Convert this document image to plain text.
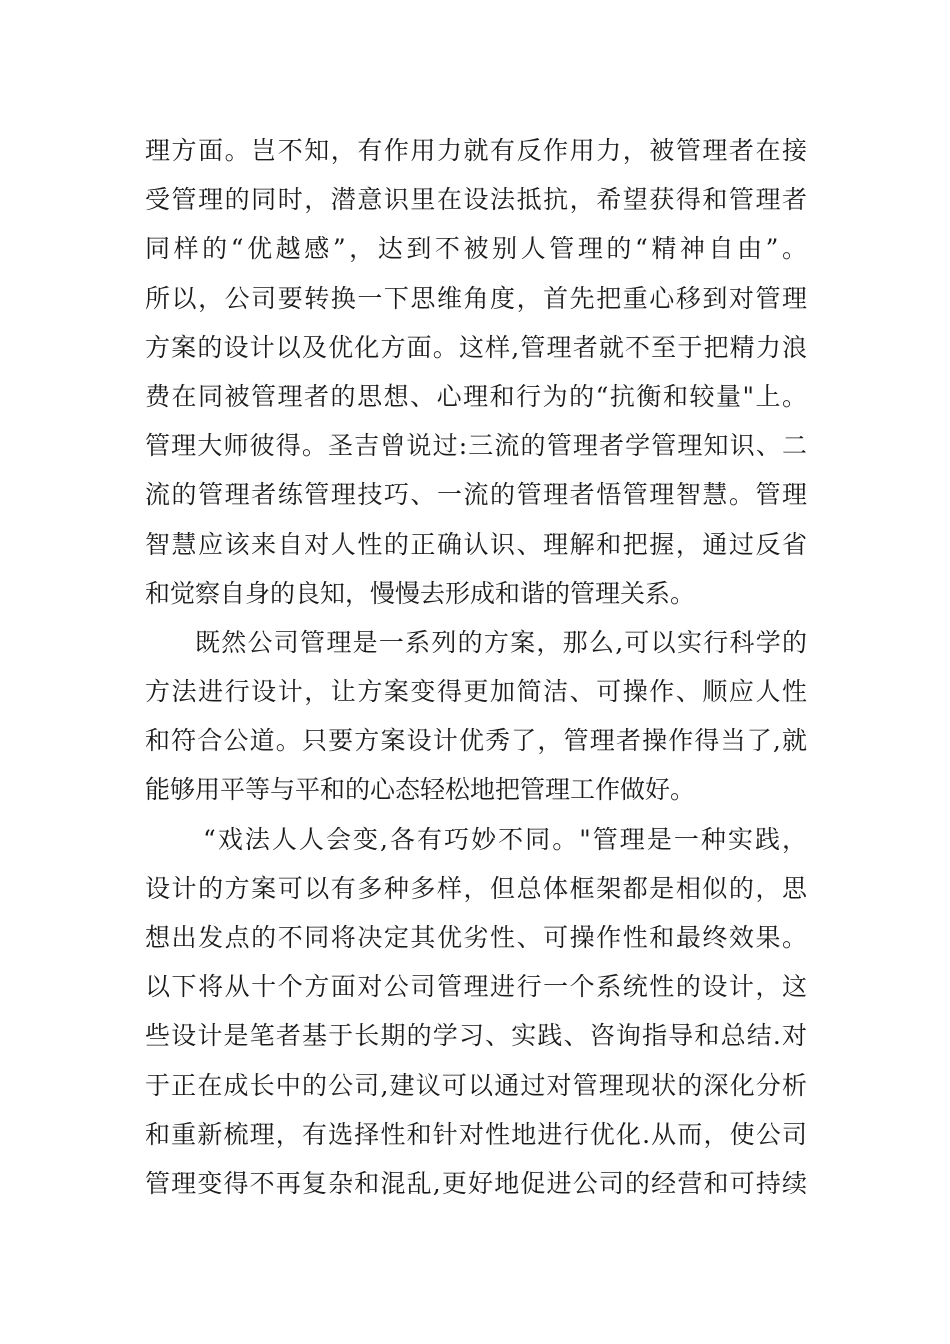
理方面。岂不知，有作用力就有反作用力，被管理者在接
受管理的同时，潜意识里在设法抵抗，希望获得和管理者
同样的“优越感”，达到不被别人管理的“精神自由”。
所以，公司要转换一下思维角度，首先把重心移到对管理
方案的设计以及优化方面。这样,管理者就不至于把精力浪
费在同被管理者的思想、心理和行为的“抗衡和较量"上。
管理大师彼得。圣吉曾说过:三流的管理者学管理知识、二
流的管理者练管理技巧、一流的管理者悟管理智慧。管理
智慧应该来自对人性的正确认识、理解和把握，通过反省
和觉察自身的良知，慢慢去形成和谐的管理关系。
既然公司管理是一系列的方案，那么,可以实行科学的
方法进行设计，让方案变得更加简洁、可操作、顺应人性
和符合公道。只要方案设计优秀了，管理者操作得当了,就
能够用平等与平和的心态轻松地把管理工作做好。
“戏法人人会变,各有巧妙不同。"管理是一种实践，
设计的方案可以有多种多样，但总体框架都是相似的，思
想出发点的不同将决定其优劣性、可操作性和最终效果。
以下将从十个方面对公司管理进行一个系统性的设计，这
些设计是笔者基于长期的学习、实践、咨询指导和总结.对
于正在成长中的公司,建议可以通过对管理现状的深化分析
和重新梳理，有选择性和针对性地进行优化.从而，使公司
管理变得不再复杂和混乱,更好地促进公司的经营和可持续
